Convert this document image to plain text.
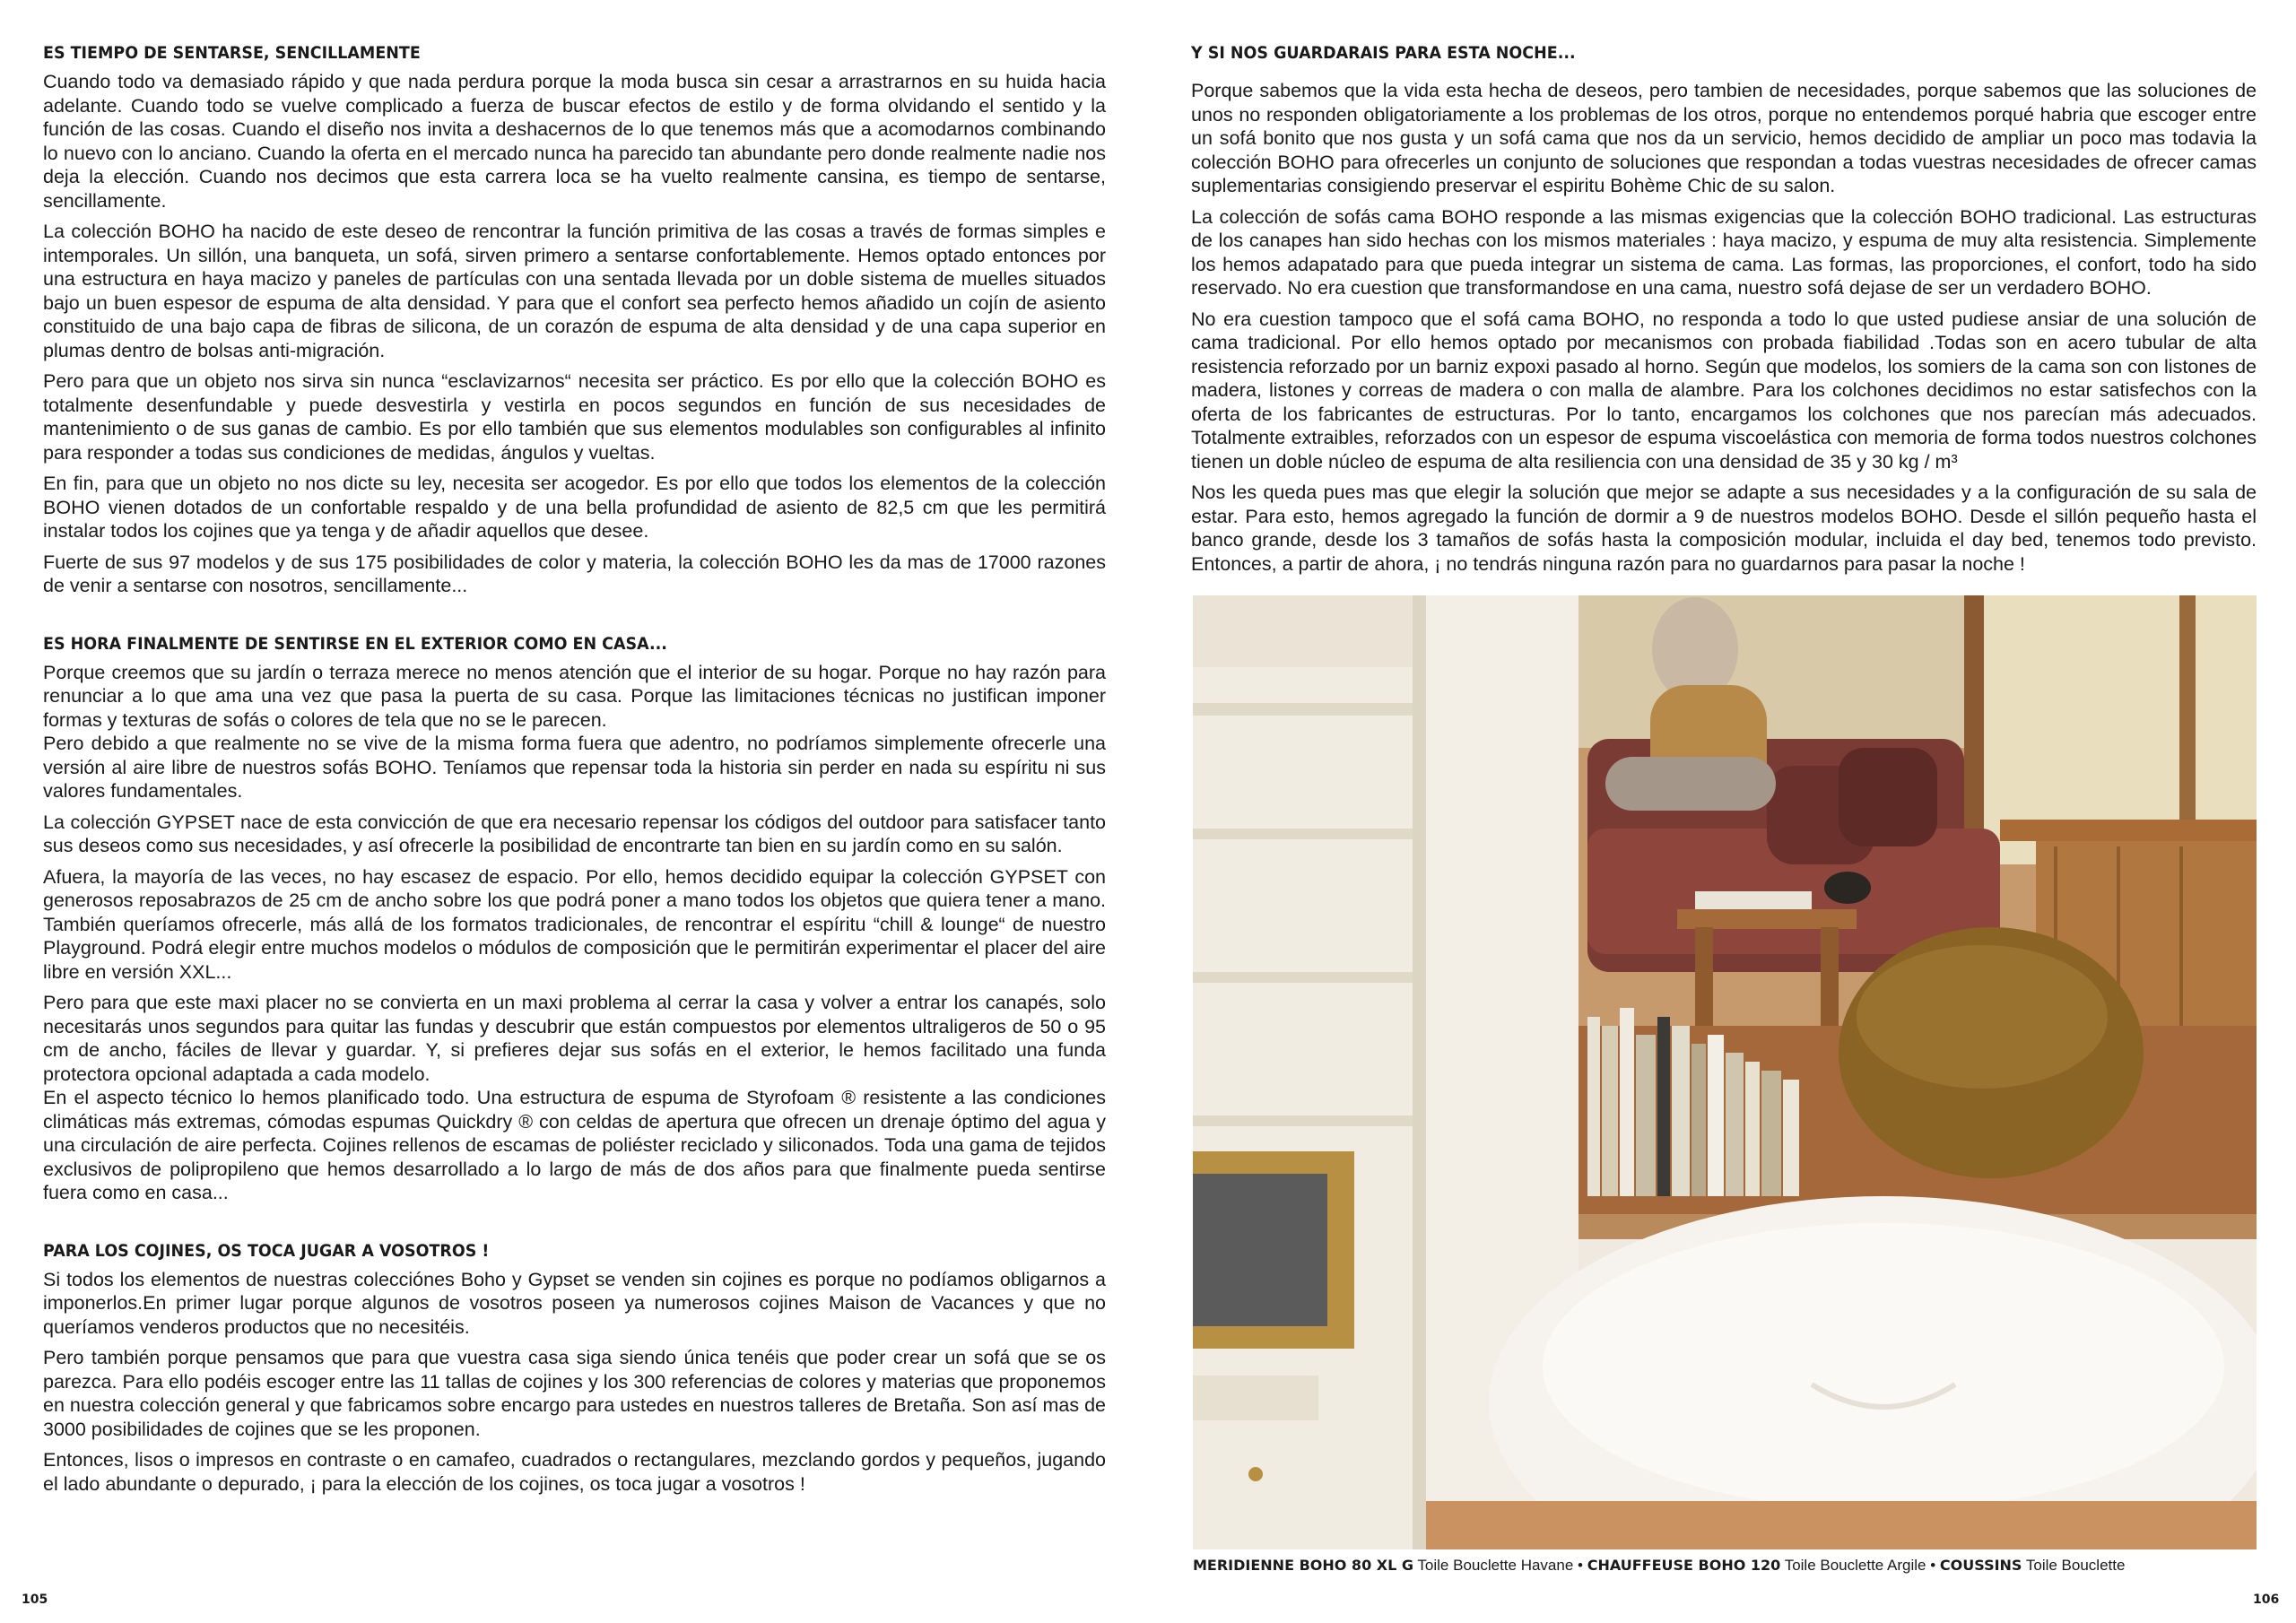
ES TIEMPO DE SENTARSE, SENCILLAMENTE

Cuando todo va demasiado rápido y que nada perdura porque la moda busca sin cesar a arrastrarnos en su huida hacia adelante. Cuando todo se vuelve complicado a fuerza de buscar efectos de estilo y de forma olvidando el sentido y la función de las cosas. Cuando el diseño nos invita a deshacernos de lo que tenemos más que a acomodarnos combinando lo nuevo con lo anciano. Cuando la oferta en el mercado nunca ha parecido tan abundante pero donde realmente nadie nos deja la elección. Cuando nos decimos que esta carrera loca se ha vuelto realmente cansina, es tiempo de sentarse, sencillamente.

La colección BOHO ha nacido de este deseo de rencontrar la función primitiva de las cosas a través de formas simples e intemporales. Un sillón, una banqueta, un sofá, sirven primero a sentarse confortablemente. Hemos optado entonces por una estructura en haya macizo y paneles de partículas con una sentada llevada por un doble sistema de muelles situados bajo un buen espesor de espuma de alta densidad. Y para que el confort sea perfecto hemos añadido un cojín de asiento constituido de una bajo capa de fibras de silicona, de un corazón de espuma de alta densidad y de una capa superior en plumas dentro de bolsas anti-migración.

Pero para que un objeto nos sirva sin nunca “esclavizarnos“ necesita ser práctico. Es por ello que la colección BOHO es totalmente desenfundable y puede desvestirla y vestirla en pocos segundos en función de sus necesidades de mantenimiento o de sus ganas de cambio. Es por ello también que sus elementos modulables son configurables al infinito para responder a todas sus condiciones de medidas, ángulos y vueltas.

En fin, para que un objeto no nos dicte su ley, necesita ser acogedor. Es por ello que todos los elementos de la colección BOHO vienen dotados de un confortable respaldo y de una bella profundidad de asiento de 82,5 cm que les permitirá instalar todos los cojines que ya tenga y de añadir aquellos que desee.

Fuerte de sus 97 modelos y de sus 175 posibilidades de color y materia, la colección BOHO les da mas de 17000 razones de venir a sentarse con nosotros, sencillamente...

ES HORA FINALMENTE DE SENTIRSE EN EL EXTERIOR COMO EN CASA...

Porque creemos que su jardín o terraza merece no menos atención que el interior de su hogar. Porque no hay razón para renunciar a lo que ama una vez que pasa la puerta de su casa. Porque las limitaciones técnicas no justifican imponer formas y texturas de sofás o colores de tela que no se le parecen.

Pero debido a que realmente no se vive de la misma forma fuera que adentro, no podríamos simplemente ofrecerle una versión al aire libre de nuestros sofás BOHO. Teníamos que repensar toda la historia sin perder en nada su espíritu ni sus valores fundamentales.

La colección GYPSET nace de esta convicción de que era necesario repensar los códigos del outdoor para satisfacer tanto sus deseos como sus necesidades, y así ofrecerle la posibilidad de encontrarte tan bien en su jardín como en su salón.

Afuera, la mayoría de las veces, no hay escasez de espacio. Por ello, hemos decidido equipar la colección GYPSET con generosos reposabrazos de 25 cm de ancho sobre los que podrá poner a mano todos los objetos que quiera tener a mano. También queríamos ofrecerle, más allá de los formatos tradicionales, de rencontrar el espíritu “chill & lounge“ de nuestro Playground. Podrá elegir entre muchos modelos o módulos de composición que le permitirán experimentar el placer del aire libre en versión XXL...

Pero para que este maxi placer no se convierta en un maxi problema al cerrar la casa y volver a entrar los canapés, solo necesitarás unos segundos para quitar las fundas y descubrir que están compuestos por elementos ultraligeros de 50 o 95 cm de ancho, fáciles de llevar y guardar. Y, si prefieres dejar sus sofás en el exterior, le hemos facilitado una funda protectora opcional adaptada a cada modelo.

En el aspecto técnico lo hemos planificado todo. Una estructura de espuma de Styrofoam ® resistente a las condiciones climáticas más extremas, cómodas espumas Quickdry ® con celdas de apertura que ofrecen un drenaje óptimo del agua y una circulación de aire perfecta. Cojines rellenos de escamas de poliéster reciclado y siliconados. Toda una gama de tejidos exclusivos de polipropileno que hemos desarrollado a lo largo de más de dos años para que finalmente pueda sentirse fuera como en casa...

PARA LOS COJINES, OS TOCA JUGAR A VOSOTROS !

Si todos los elementos de nuestras colecciónes Boho y Gypset se venden sin cojines es porque no podíamos obligarnos a imponerlos.En primer lugar porque algunos de vosotros poseen ya numerosos cojines Maison de Vacances y que no queríamos venderos productos que no necesitéis.

Pero también porque pensamos que para que vuestra casa siga siendo única tenéis que poder crear un sofá que se os parezca. Para ello podéis escoger entre las 11 tallas de cojines y los 300 referencias de colores y materias que proponemos en nuestra colección general y que fabricamos sobre encargo para ustedes en nuestros talleres de Bretaña. Son así mas de 3000 posibilidades de cojines que se les proponen.

Entonces, lisos o impresos en contraste o en camafeo, cuadrados o rectangulares, mezclando gordos y pequeños, jugando el lado abundante o depurado, ¡ para la elección de los cojines, os toca jugar a vosotros !

Y SI NOS GUARDARAIS PARA ESTA NOCHE...

Porque sabemos que la vida esta hecha de deseos, pero tambien de necesidades, porque sabemos que las soluciones de unos no responden obligatoriamente a los problemas de los otros, porque no entendemos porqué habria que escoger entre un sofá bonito que nos gusta y un sofá cama que nos da un servicio, hemos decidido de ampliar un poco mas todavia la colección BOHO para ofrecerles un conjunto de soluciones que respondan a todas vuestras necesidades de ofrecer camas suplementarias consigiendo preservar el espiritu Bohème Chic de su salon.

La colección de sofás cama BOHO responde a las mismas exigencias que la colección BOHO tradicional. Las estructuras de los canapes han sido hechas con los mismos materiales : haya macizo, y espuma de muy alta resistencia. Simplemente los hemos adapatado para que pueda integrar un sistema de cama. Las formas, las proporciones, el confort, todo ha sido reservado. No era cuestion que transformandose en una cama, nuestro sofá dejase de ser un verdadero BOHO.

No era cuestion tampoco que el sofá cama BOHO, no responda a todo lo que usted pudiese ansiar de una solución de cama tradicional. Por ello hemos optado por mecanismos con probada fiabilidad .Todas son en acero tubular de alta resistencia reforzado por un barniz expoxi pasado al horno. Según que modelos, los somiers de la cama son con listones de madera, listones y correas de madera o con malla de alambre. Para los colchones decidimos no estar satisfechos con la oferta de los fabricantes de estructuras. Por lo tanto, encargamos los colchones que nos parecían más adecuados. Totalmente extraibles, reforzados con un espesor de espuma viscoelástica con memoria de forma todos nuestros colchones tienen un doble núcleo de espuma de alta resiliencia con una densidad de 35 y 30 kg / m³

Nos les queda pues mas que elegir la solución que mejor se adapte a sus necesidades y a la configuración de su sala de estar. Para esto, hemos agregado la función de dormir a 9 de nuestros modelos BOHO. Desde el sillón pequeño hasta el banco grande, desde los 3 tamaños de sofás hasta la composición modular, incluida el day bed, tenemos todo previsto. Entonces, a partir de ahora, ¡ no tendrás ninguna razón para no guardarnos para pasar la noche !

MERIDIENNE BOHO 80 XL G Toile Bouclette Havane • CHAUFFEUSE BOHO 120 Toile Bouclette Argile • COUSSINS Toile Bouclette
105	106
